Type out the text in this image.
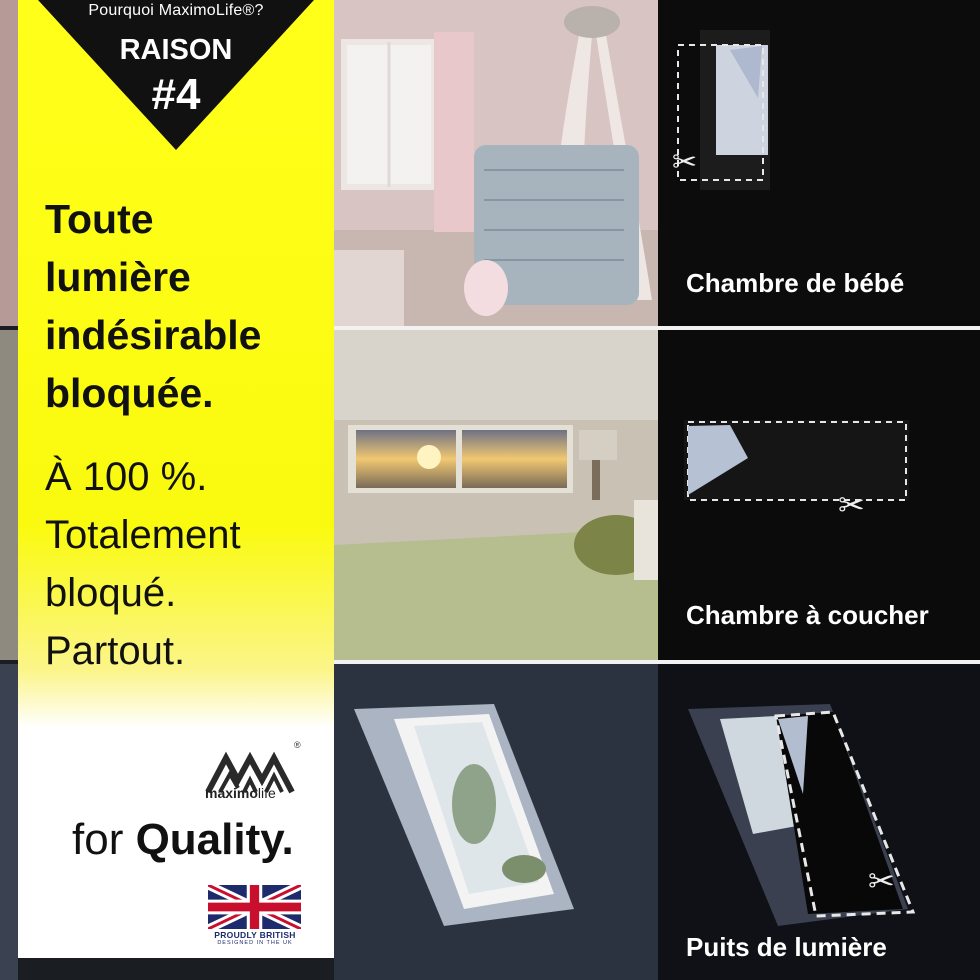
Pourquoi MaximoLife®?
RAISON
#4
Toute
lumière
indésirable
bloquée.
À 100 %.
Totalement
bloqué.
Partout.
®
maximolife
for Quality.
PROUDLY BRITISH
DESIGNED IN THE UK
✂
Chambre de bébé
✂
Chambre à coucher
✂
Puits de lumière
